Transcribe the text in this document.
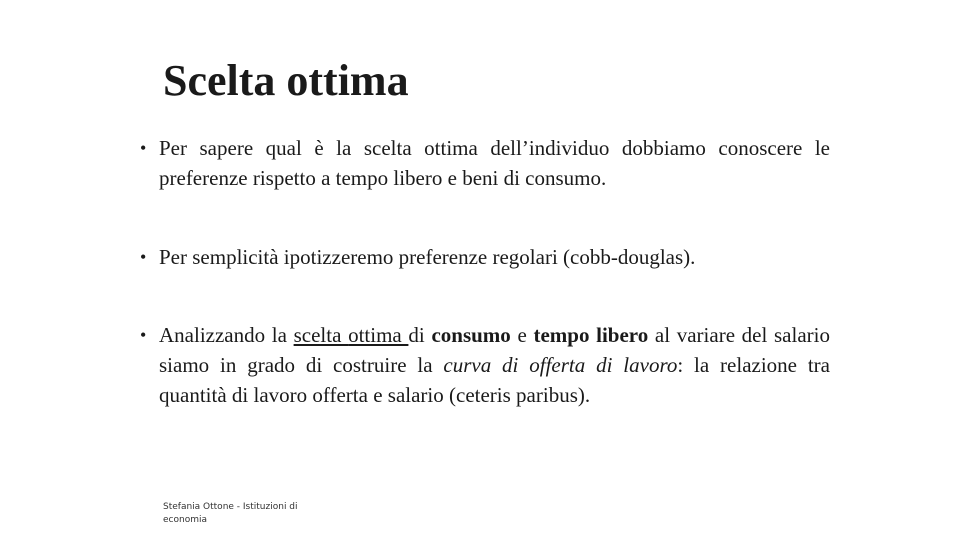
Scelta ottima
• Per sapere qual è la scelta ottima dell’individuo dobbiamo conoscere le preferenze rispetto a tempo libero e beni di consumo.
• Per semplicità ipotizzeremo preferenze regolari (cobb-douglas).
• Analizzando la scelta ottima di consumo e tempo libero al variare del salario siamo in grado di costruire la curva di offerta di lavoro: la relazione tra quantità di lavoro offerta e salario (ceteris paribus).
Stefania Ottone - Istituzioni di economia
